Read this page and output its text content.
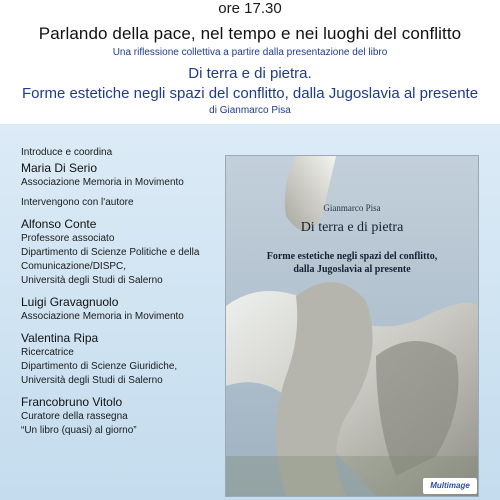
ore 17.30
Parlando della pace, nel tempo e nei luoghi del conflitto
Una riflessione collettiva a partire dalla presentazione del libro
Di terra e di pietra.
Forme estetiche negli spazi del conflitto, dalla Jugoslavia al presente
di Gianmarco Pisa
Introduce e coordina
Maria Di Serio
Associazione Memoria in Movimento
Intervengono con l'autore
Alfonso Conte
Professore associato
Dipartimento di Scienze Politiche e della
Comunicazione/DISPC,
Università degli Studi di Salerno
Luigi Gravagnuolo
Associazione Memoria in Movimento
Valentina Ripa
Ricercatrice
Dipartimento di Scienze Giuridiche,
Università degli Studi di Salerno
Francobruno Vitolo
Curatore della rassegna
“Un libro (quasi) al giorno”
Gianmarco Pisa
Di terra e di pietra
Forme estetiche negli spazi del conflitto,
dalla Jugoslavia al presente
Multimage
